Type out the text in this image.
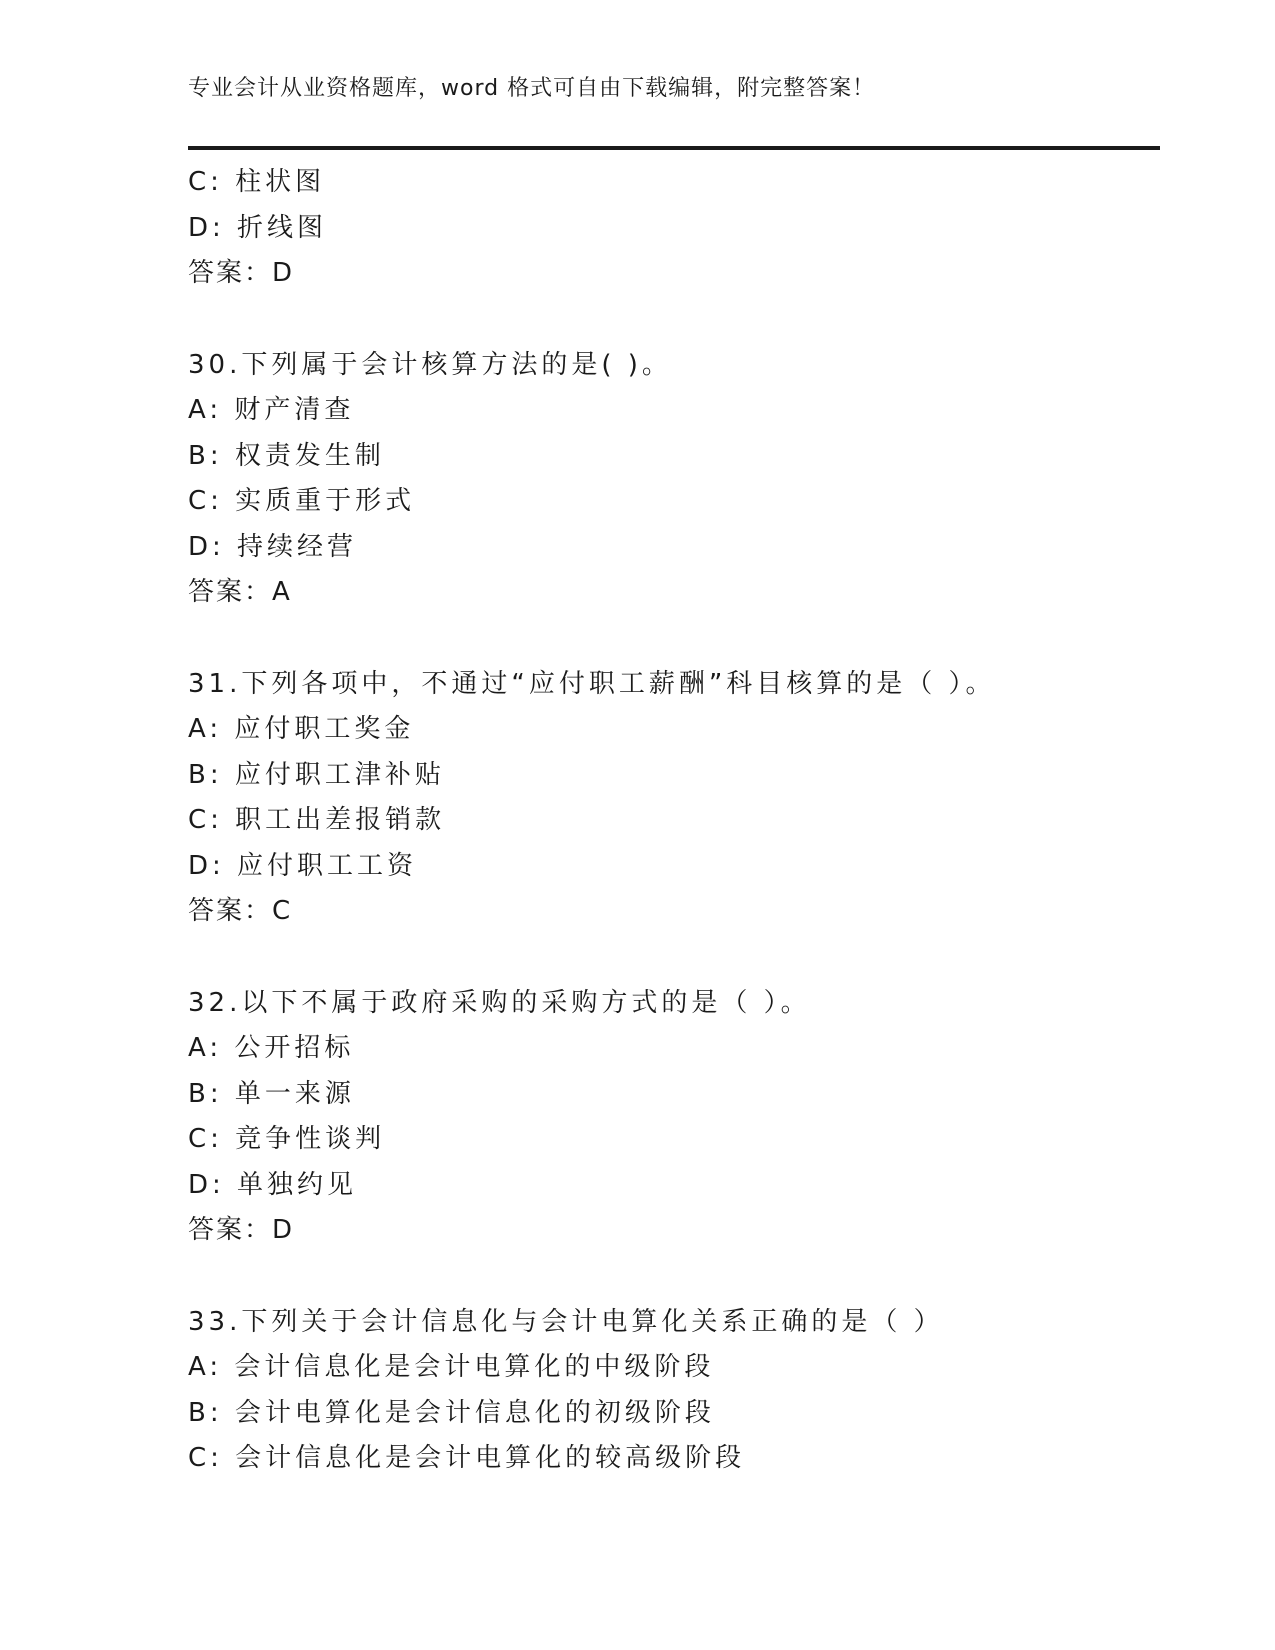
专业会计从业资格题库，word 格式可自由下载编辑，附完整答案！
C: 柱状图
D: 折线图
答案：D
30.下列属于会计核算方法的是( )。
A: 财产清查
B: 权责发生制
C: 实质重于形式
D: 持续经营
答案：A
31.下列各项中，不通过“应付职工薪酬”科目核算的是（ ）。
A: 应付职工奖金
B: 应付职工津补贴
C: 职工出差报销款
D: 应付职工工资
答案：C
32.以下不属于政府采购的采购方式的是（ ）。
A: 公开招标
B: 单一来源
C: 竞争性谈判
D: 单独约见
答案：D
33.下列关于会计信息化与会计电算化关系正确的是（ ）
A: 会计信息化是会计电算化的中级阶段
B: 会计电算化是会计信息化的初级阶段
C: 会计信息化是会计电算化的较高级阶段
